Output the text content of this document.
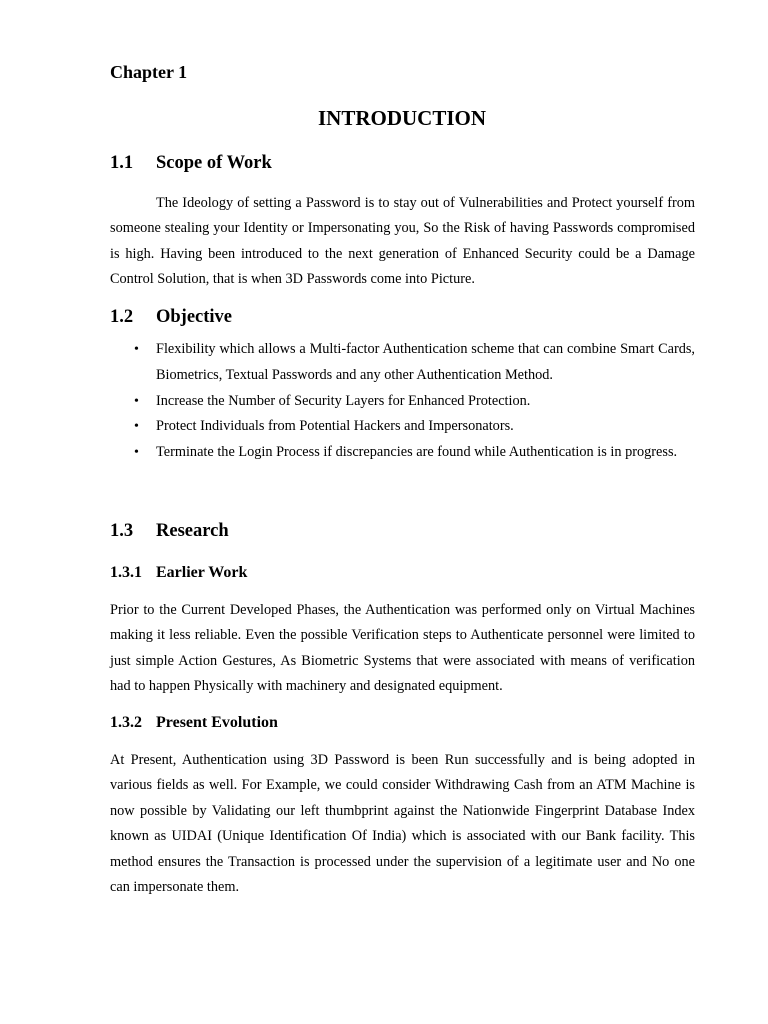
Chapter 1
INTRODUCTION
1.1 Scope of Work

The Ideology of setting a Password is to stay out of Vulnerabilities and Protect yourself from someone stealing your Identity or Impersonating you, So the Risk of having Passwords compromised is high. Having been introduced to the next generation of Enhanced Security could be a Damage Control Solution, that is when 3D Passwords come into Picture.

1.2 Objective
• Flexibility which allows a Multi-factor Authentication scheme that can combine Smart Cards, Biometrics, Textual Passwords and any other Authentication Method.
• Increase the Number of Security Layers for Enhanced Protection.
• Protect Individuals from Potential Hackers and Impersonators.
• Terminate the Login Process if discrepancies are found while Authentication is in progress.
1.3 Research
1.3.1 Earlier Work

Prior to the Current Developed Phases, the Authentication was performed only on Virtual Machines making it less reliable. Even the possible Verification steps to Authenticate personnel were limited to just simple Action Gestures, As Biometric Systems that were associated with means of verification had to happen Physically with machinery and designated equipment.

1.3.2 Present Evolution

At Present, Authentication using 3D Password is been Run successfully and is being adopted in various fields as well. For Example, we could consider Withdrawing Cash from an ATM Machine is now possible by Validating our left thumbprint against the Nationwide Fingerprint Database Index known as UIDAI (Unique Identification Of India) which is associated with our Bank facility. This method ensures the Transaction is processed under the supervision of a legitimate user and No one can impersonate them.
